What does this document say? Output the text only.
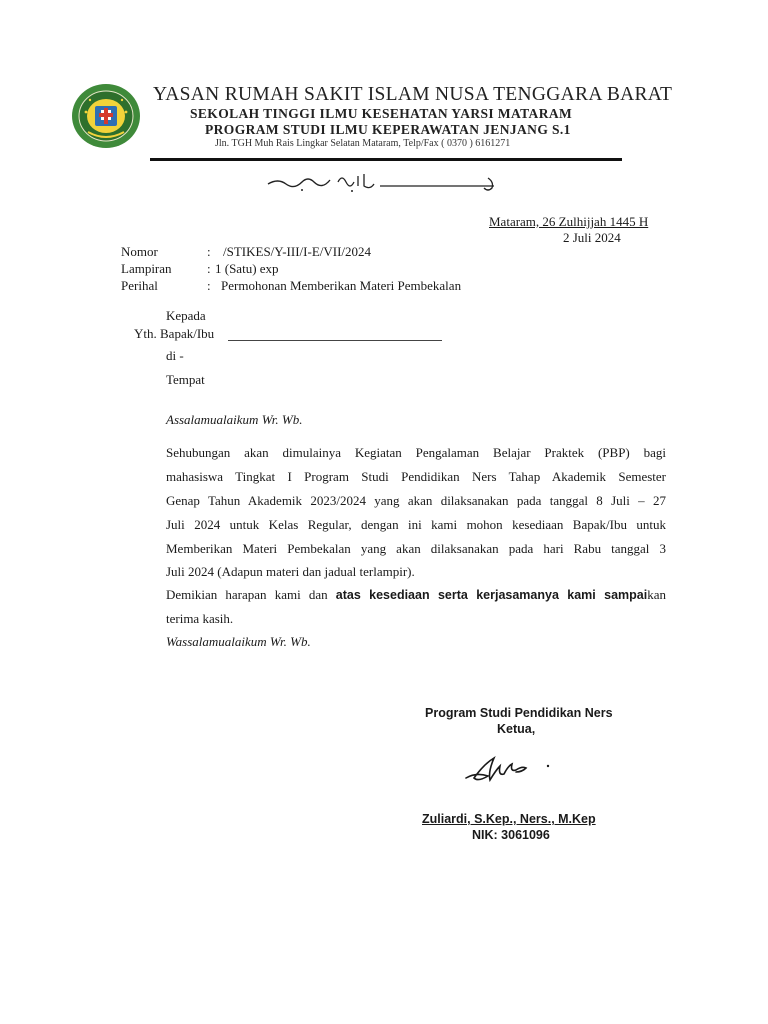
YASAN RUMAH SAKIT ISLAM NUSA TENGGARA BARAT
SEKOLAH TINGGI ILMU KESEHATAN YARSI MATARAM
PROGRAM STUDI ILMU KEPERAWATAN JENJANG S.1
Jln. TGH Muh Rais Lingkar Selatan Mataram, Telp/Fax ( 0370 ) 6161271
Mataram, 26 Zulhijjah 1445 H
2 Juli 2024
Nomor	: /STIKES/Y-III/I-E/VII/2024
Lampiran	: 1 (Satu) exp
Perihal	: Permohonan Memberikan Materi Pembekalan
Kepada
Yth. Bapak/Ibu
di -
Tempat
Assalamualaikum Wr. Wb.
Sehubungan akan dimulainya Kegiatan Pengalaman Belajar Praktek (PBP) bagi
mahasiswa Tingkat I Program Studi Pendidikan Ners Tahap Akademik Semester
Genap Tahun Akademik 2023/2024 yang akan dilaksanakan pada tanggal 8 Juli – 27
Juli 2024 untuk Kelas Regular, dengan ini kami mohon kesediaan Bapak/Ibu untuk
Memberikan Materi Pembekalan yang akan dilaksanakan pada hari Rabu tanggal 3
Juli 2024 (Adapun materi dan jadual terlampir).
Demikian harapan kami dan atas kesediaan serta kerjasamanya kami sampaikan
terima kasih.
Wassalamualaikum Wr. Wb.
Program Studi Pendidikan Ners
Ketua,
Zuliardi, S.Kep., Ners., M.Kep
NIK: 3061096
